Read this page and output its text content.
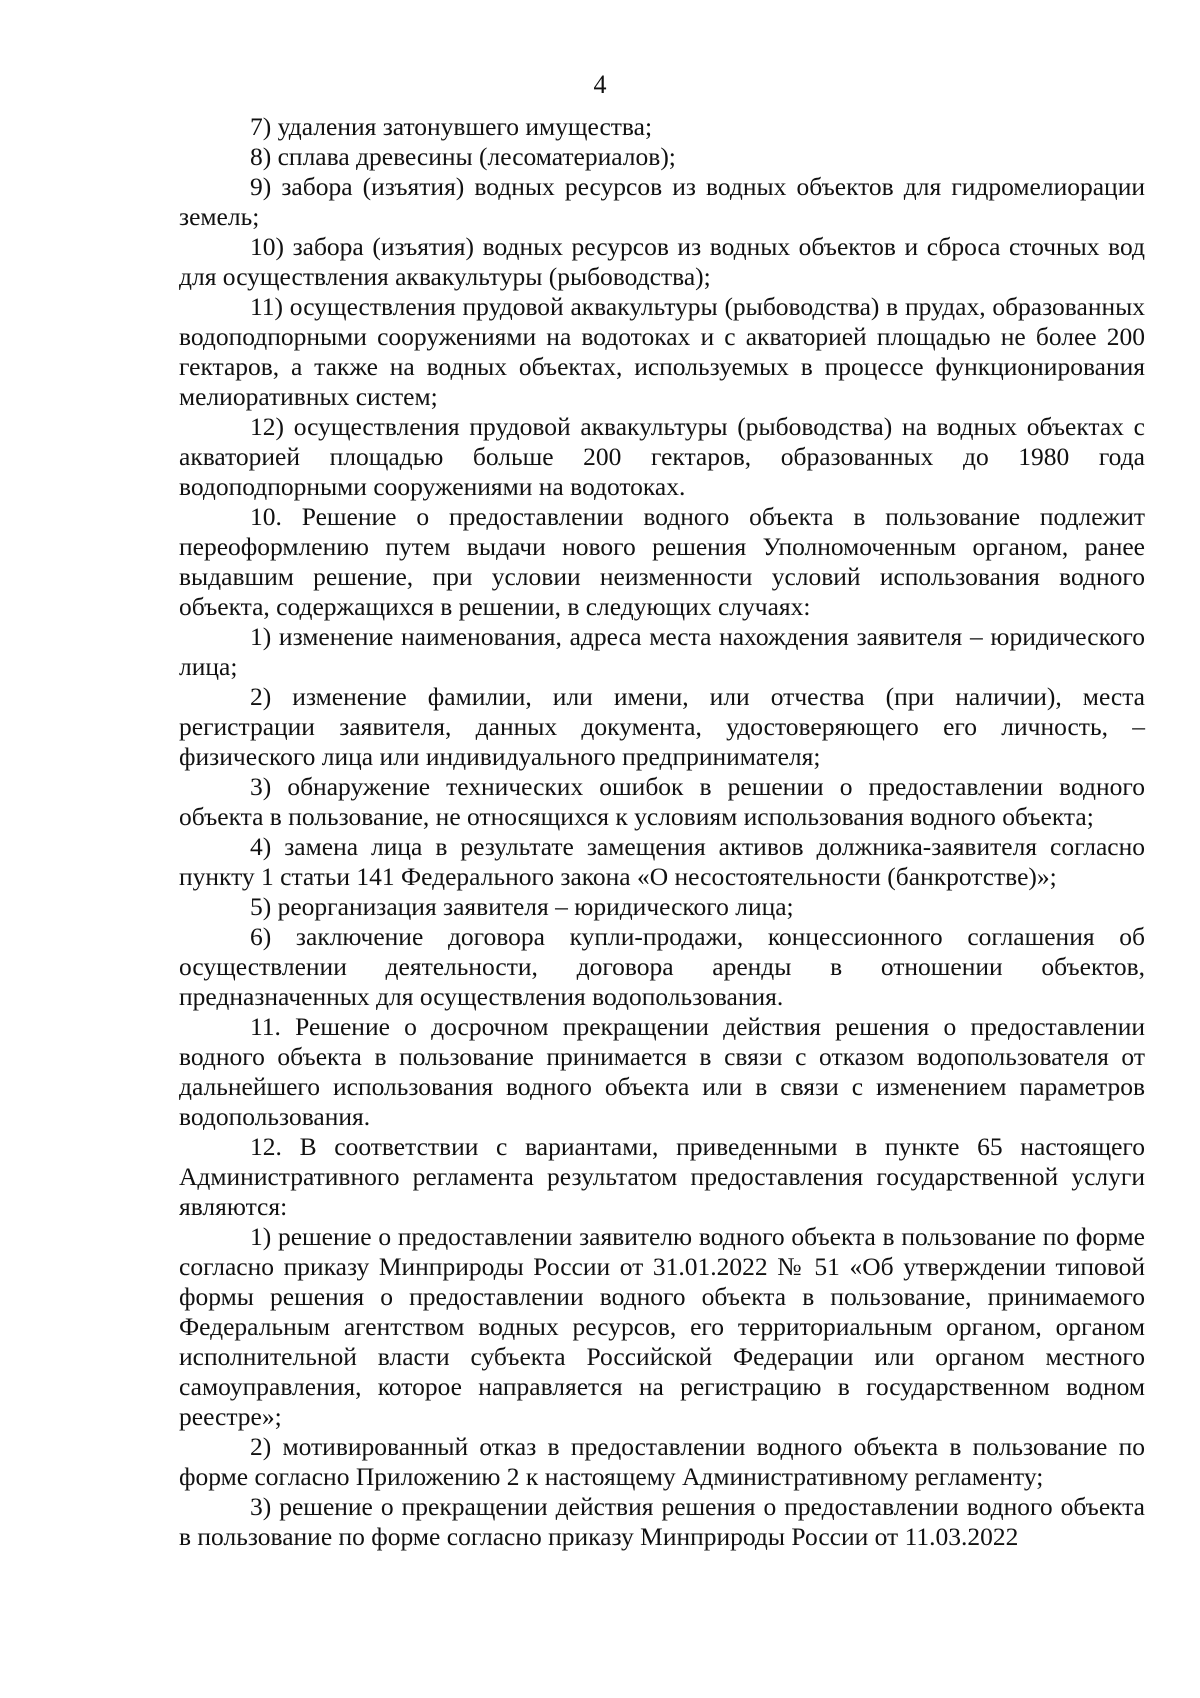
4

7) удаления затонувшего имущества;

8) сплава древесины (лесоматериалов);

9) забора (изъятия) водных ресурсов из водных объектов для гидромелиорации земель;

10) забора (изъятия) водных ресурсов из водных объектов и сброса сточных вод для осуществления аквакультуры (рыбоводства);

11) осуществления прудовой аквакультуры (рыбоводства) в прудах, образованных водоподпорными сооружениями на водотоках и с акваторией площадью не более 200 гектаров, а также на водных объектах, используемых в процессе функционирования мелиоративных систем;

12) осуществления прудовой аквакультуры (рыбоводства) на водных объектах с акваторией площадью больше 200 гектаров, образованных до 1980 года водоподпорными сооружениями на водотоках.

10. Решение о предоставлении водного объекта в пользование подлежит переоформлению путем выдачи нового решения Уполномоченным органом, ранее выдавшим решение, при условии неизменности условий использования водного объекта, содержащихся в решении, в следующих случаях:

1) изменение наименования, адреса места нахождения заявителя – юридического лица;

2) изменение фамилии, или имени, или отчества (при наличии), места регистрации заявителя, данных документа, удостоверяющего его личность, – физического лица или индивидуального предпринимателя;

3) обнаружение технических ошибок в решении о предоставлении водного объекта в пользование, не относящихся к условиям использования водного объекта;

4) замена лица в результате замещения активов должника-заявителя согласно пункту 1 статьи 141 Федерального закона «О несостоятельности (банкротстве)»;

5) реорганизация заявителя – юридического лица;

6) заключение договора купли-продажи, концессионного соглашения об осуществлении деятельности, договора аренды в отношении объектов, предназначенных для осуществления водопользования.

11. Решение о досрочном прекращении действия решения о предоставлении водного объекта в пользование принимается в связи с отказом водопользователя от дальнейшего использования водного объекта или в связи с изменением параметров водопользования.

12. В соответствии с вариантами, приведенными в пункте 65 настоящего Административного регламента результатом предоставления государственной услуги являются:

1) решение о предоставлении заявителю водного объекта в пользование по форме согласно приказу Минприроды России от 31.01.2022 № 51 «Об утверждении типовой формы решения о предоставлении водного объекта в пользование, принимаемого Федеральным агентством водных ресурсов, его территориальным органом, органом исполнительной власти субъекта Российской Федерации или органом местного самоуправления, которое направляется на регистрацию в государственном водном реестре»;

2) мотивированный отказ в предоставлении водного объекта в пользование по форме согласно Приложению 2 к настоящему Административному регламенту;

3) решение о прекращении действия решения о предоставлении водного объекта в пользование по форме согласно приказу Минприроды России от 11.03.2022
